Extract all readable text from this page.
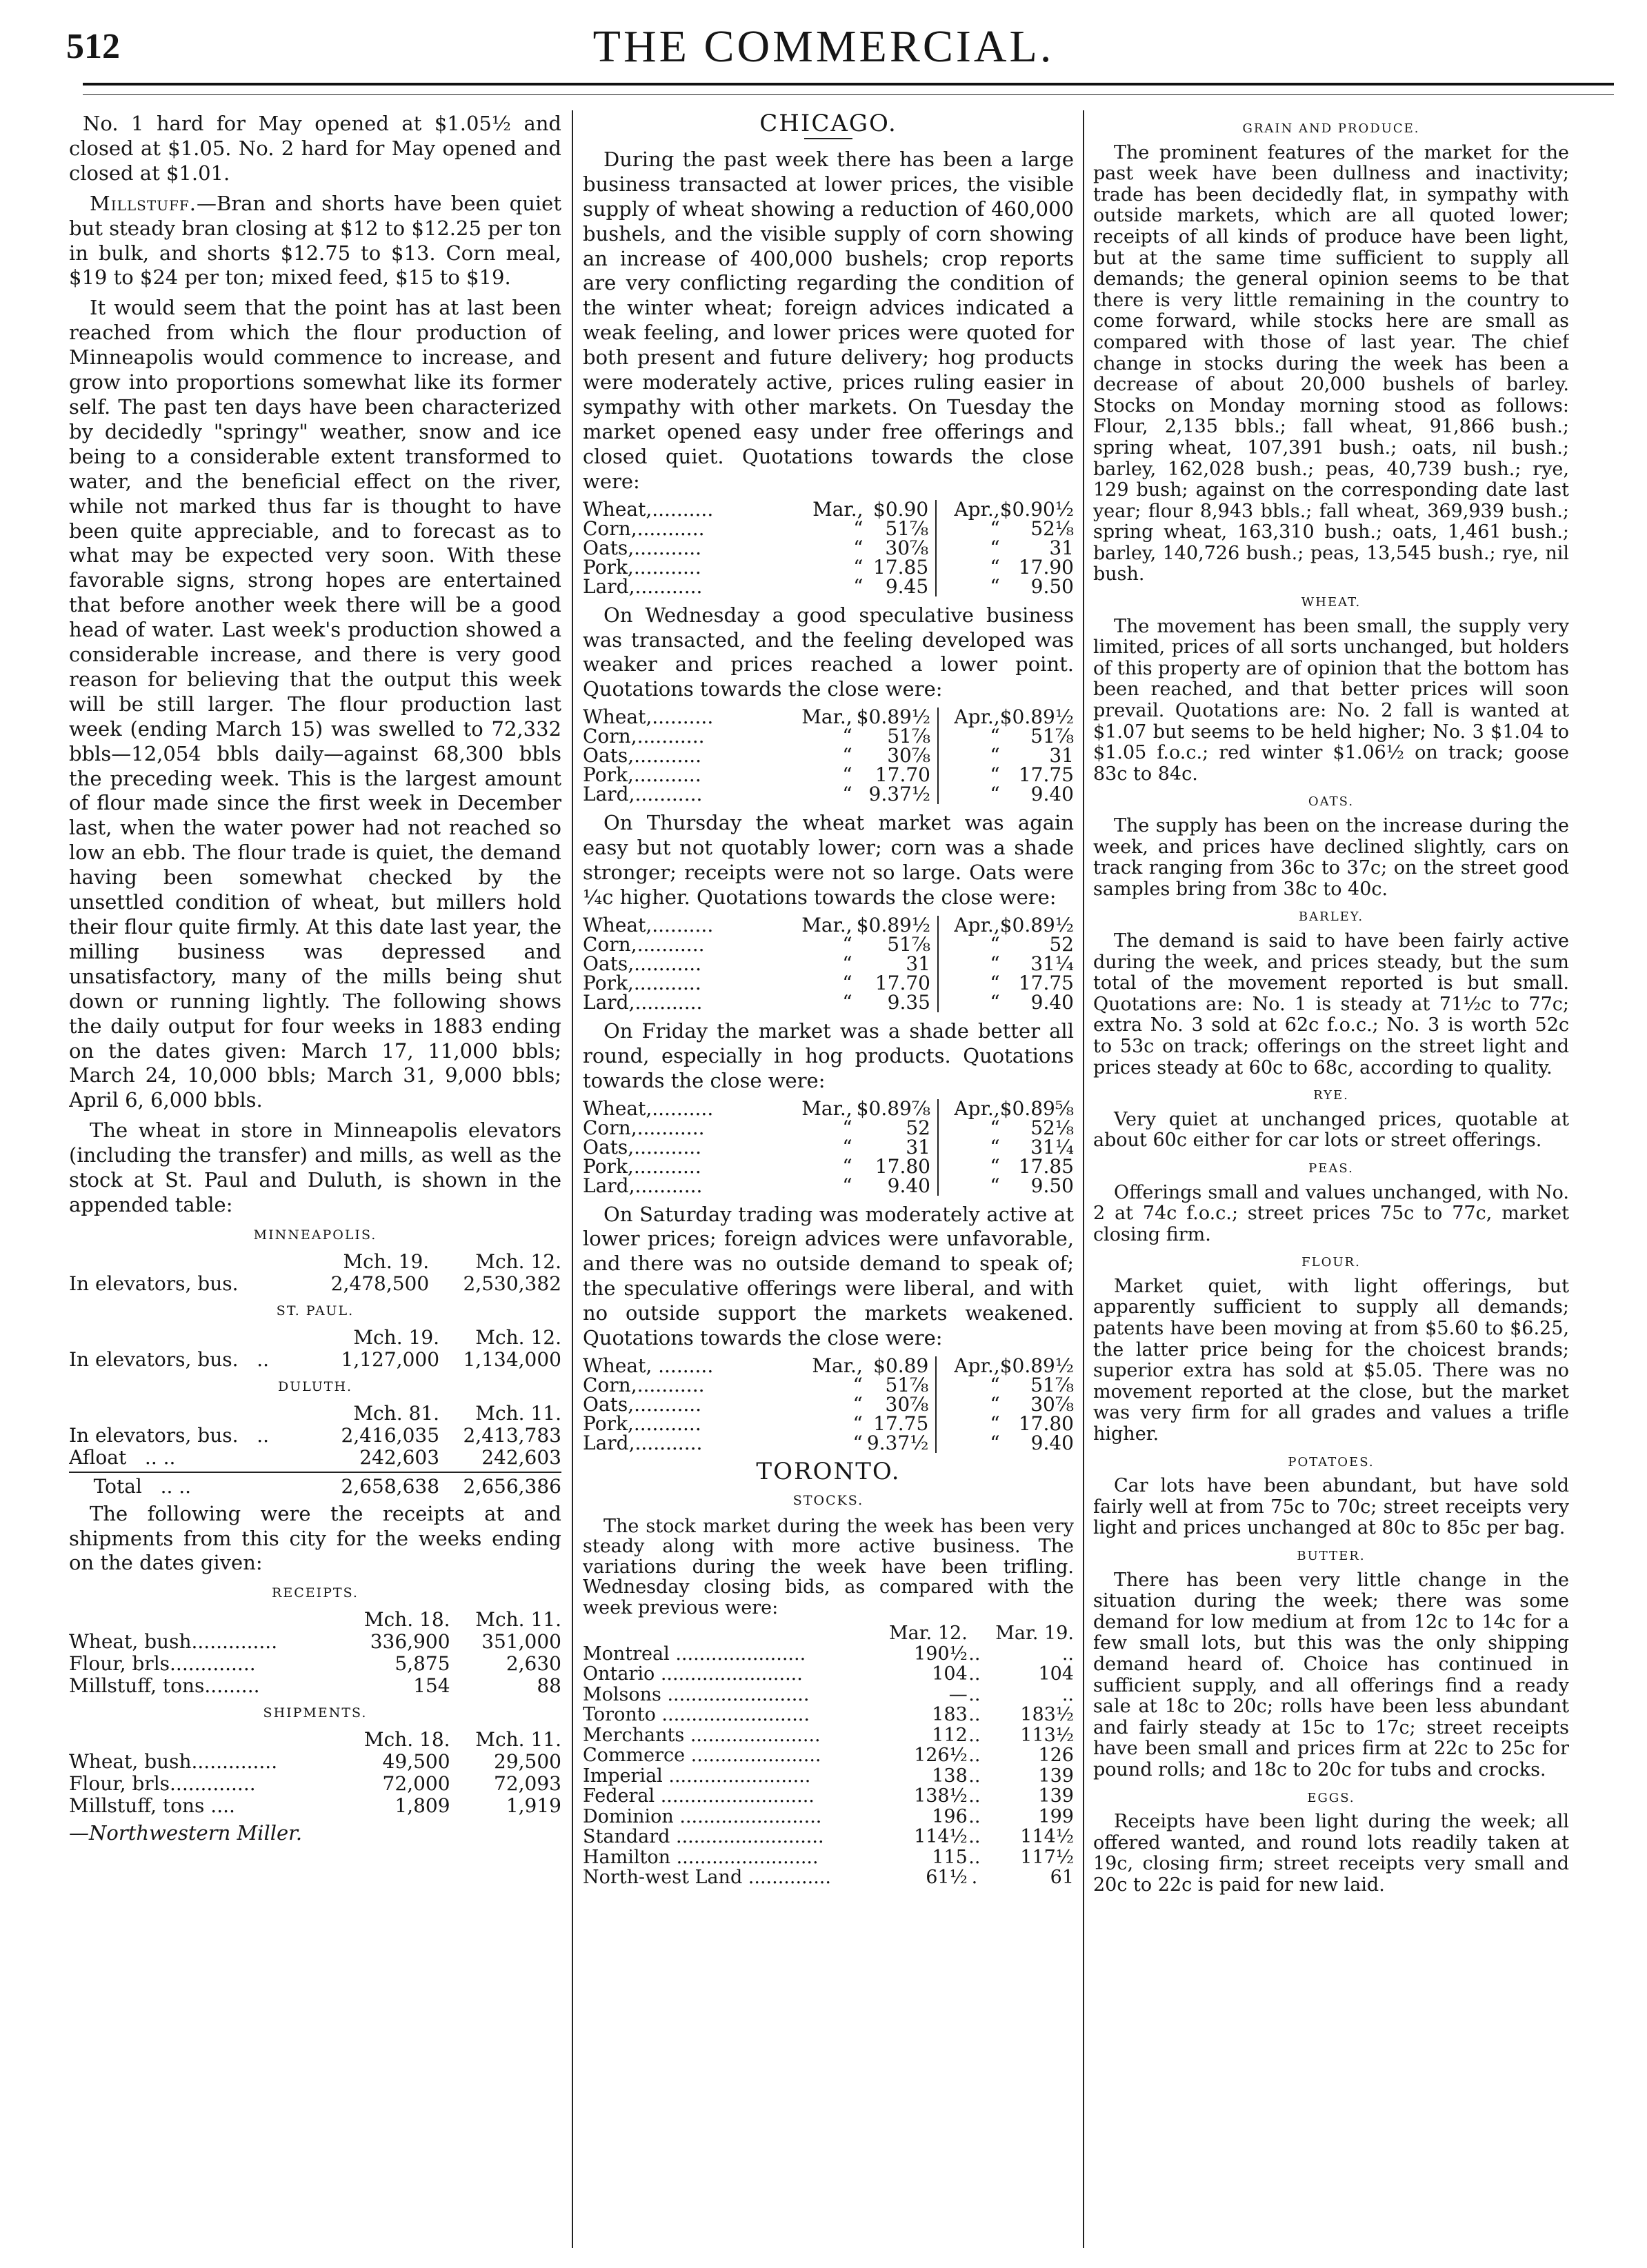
512	THE COMMERCIAL.

No. 1 hard for May opened at $1.05½ and closed at $1.05. No. 2 hard for May opened and closed at $1.01.

Millstuff.—Bran and shorts have been quiet but steady bran closing at $12 to $12.25 per ton in bulk, and shorts $12.75 to $13. Corn meal, $19 to $24 per ton; mixed feed, $15 to $19.

It would seem that the point has at last been reached from which the flour production of Minneapolis would commence to increase, and grow into proportions somewhat like its former self. The past ten days have been characterized by decidedly "springy" weather, snow and ice being to a considerable extent transformed to water, and the beneficial effect on the river, while not marked thus far is thought to have been quite appreciable, and to forecast as to what may be expected very soon. With these favorable signs, strong hopes are entertained that before another week there will be a good head of water. Last week's production showed a considerable increase, and there is very good reason for believing that the output this week will be still larger. The flour production last week (ending March 15) was swelled to 72,332 bbls—12,054 bbls daily—against 68,300 bbls the preceding week. This is the largest amount of flour made since the first week in December last, when the water power had not reached so low an ebb. The flour trade is quiet, the demand having been somewhat checked by the unsettled condition of wheat, but millers hold their flour quite firmly. At this date last year, the milling business was depressed and unsatisfactory, many of the mills being shut down or running lightly. The following shows the daily output for four weeks in 1883 ending on the dates given: March 17, 11,000 bbls; March 24, 10,000 bbls; March 31, 9,000 bbls; April 6, 6,000 bbls.

The wheat in store in Minneapolis elevators (including the transfer) and mills, as well as the stock at St. Paul and Duluth, is shown in the appended table:

MINNEAPOLIS.
	Mch. 19.	Mch. 12.
In elevators, bus.	2,478,500	2,530,382
ST. PAUL.
	Mch. 19.	Mch. 12.
In elevators, bus. ..	1,127,000	1,134,000
DULUTH.
	Mch. 81.	Mch. 11.
In elevators, bus. ..	2,416,035	2,413,783
Afloat .. ..	242,603	242,603

Total .. ..	2,658,638	2,656,386

The following were the receipts at and shipments from this city for the weeks ending on the dates given:

RECEIPTS.
	Mch. 18.	Mch. 11.
Wheat, bush..............	336,900	351,000
Flour, brls..............	5,875	2,630
Millstuff, tons.........	154	88
SHIPMENTS.
	Mch. 18.	Mch. 11.
Wheat, bush..............	49,500	29,500
Flour, brls..............	72,000	72,093
Millstuff, tons ....	1,809	1,919
—Northwestern Miller.
CHICAGO.

During the past week there has been a large business transacted at lower prices, the visible supply of wheat showing a reduction of 460,000 bushels, and the visible supply of corn showing an increase of 400,000 bushels; crop reports are very conflicting regarding the condition of the winter wheat; foreign advices indicated a weak feeling, and lower prices were quoted for both present and future delivery; hog products were moderately active, prices ruling easier in sympathy with other markets. On Tuesday the market opened easy under free offerings and closed quiet. Quotations towards the close were:

Wheat,..........	Mar.,	$0.90	Apr.,	$0.90½
Corn,...........	“	51⅞	“	52⅛
Oats,...........	“	30⅞	“	31
Pork,...........	“	17.85	“	17.90
Lard,...........	“	9.45	“	9.50

On Wednesday a good speculative business was transacted, and the feeling developed was weaker and prices reached a lower point. Quotations towards the close were:

Wheat,..........	Mar.,	$0.89½	Apr.,	$0.89½
Corn,...........	“	51⅞	“	51⅞
Oats,...........	“	30⅞	“	31
Pork,...........	“	17.70	“	17.75
Lard,...........	“	9.37½	“	9.40

On Thursday the wheat market was again easy but not quotably lower; corn was a shade stronger; receipts were not so large. Oats were ¼c higher. Quotations towards the close were:

Wheat,..........	Mar.,	$0.89½	Apr.,	$0.89½
Corn,...........	“	51⅞	“	52
Oats,...........	“	31	“	31¼
Pork,...........	“	17.70	“	17.75
Lard,...........	“	9.35	“	9.40

On Friday the market was a shade better all round, especially in hog products. Quotations towards the close were:

Wheat,..........	Mar.,	$0.89⅞	Apr.,	$0.89⅝
Corn,...........	“	52	“	52⅛
Oats,...........	“	31	“	31¼
Pork,...........	“	17.80	“	17.85
Lard,...........	“	9.40	“	9.50

On Saturday trading was moderately active at lower prices; foreign advices were unfavorable, and there was no outside demand to speak of; the speculative offerings were liberal, and with no outside support the markets weakened. Quotations towards the close were:

Wheat, .........	Mar.,	$0.89	Apr.,	$0.89½
Corn,...........	“	51⅞	“	51⅞
Oats,...........	“	30⅞	“	30⅞
Pork,...........	“	17.75	“	17.80
Lard,...........	“	9.37½	“	9.40
TORONTO.
STOCKS.

The stock market during the week has been very steady along with more active business. The variations during the week have been trifling. Wednesday closing bids, as compared with the week previous were:

	Mar. 12.		Mar. 19.
Montreal ......................	190½	..	..
Ontario ........................	104	..	104
Molsons ........................	—	..	..
Toronto .........................	183	..	183½
Merchants ......................	112	..	113½
Commerce ......................	126½	..	126
Imperial ........................	138	..	139
Federal ..........................	138½	..	139
Dominion ........................	196	..	199
Standard .........................	114½	..	114½
Hamilton ........................	115	..	117½
North-west Land ..............	61½	.	61
GRAIN AND PRODUCE.

The prominent features of the market for the past week have been dullness and inactivity; trade has been decidedly flat, in sympathy with outside markets, which are all quoted lower; receipts of all kinds of produce have been light, but at the same time sufficient to supply all demands; the general opinion seems to be that there is very little remaining in the country to come forward, while stocks here are small as compared with those of last year. The chief change in stocks during the week has been a decrease of about 20,000 bushels of barley. Stocks on Monday morning stood as follows: Flour, 2,135 bbls.; fall wheat, 91,866 bush.; spring wheat, 107,391 bush.; oats, nil bush.; barley, 162,028 bush.; peas, 40,739 bush.; rye, 129 bush; against on the corresponding date last year; flour 8,943 bbls.; fall wheat, 369,939 bush.; spring wheat, 163,310 bush.; oats, 1,461 bush.; barley, 140,726 bush.; peas, 13,545 bush.; rye, nil bush.

WHEAT.

The movement has been small, the supply very limited, prices of all sorts unchanged, but holders of this property are of opinion that the bottom has been reached, and that better prices will soon prevail. Quotations are: No. 2 fall is wanted at $1.07 but seems to be held higher; No. 3 $1.04 to $1.05 f.o.c.; red winter $1.06½ on track; goose 83c to 84c.

OATS.

The supply has been on the increase during the week, and prices have declined slightly, cars on track ranging from 36c to 37c; on the street good samples bring from 38c to 40c.

BARLEY.

The demand is said to have been fairly active during the week, and prices steady, but the sum total of the movement reported is but small. Quotations are: No. 1 is steady at 71½c to 77c; extra No. 3 sold at 62c f.o.c.; No. 3 is worth 52c to 53c on track; offerings on the street light and prices steady at 60c to 68c, according to quality.

RYE.

Very quiet at unchanged prices, quotable at about 60c either for car lots or street offerings.

PEAS.

Offerings small and values unchanged, with No. 2 at 74c f.o.c.; street prices 75c to 77c, market closing firm.

FLOUR.

Market quiet, with light offerings, but apparently sufficient to supply all demands; patents have been moving at from $5.60 to $6.25, the latter price being for the choicest brands; superior extra has sold at $5.05. There was no movement reported at the close, but the market was very firm for all grades and values a trifle higher.

POTATOES.

Car lots have been abundant, but have sold fairly well at from 75c to 70c; street receipts very light and prices unchanged at 80c to 85c per bag.

BUTTER.

There has been very little change in the situation during the week; there was some demand for low medium at from 12c to 14c for a few small lots, but this was the only shipping demand heard of. Choice has continued in sufficient supply, and all offerings find a ready sale at 18c to 20c; rolls have been less abundant and fairly steady at 15c to 17c; street receipts have been small and prices firm at 22c to 25c for pound rolls; and 18c to 20c for tubs and crocks.

EGGS.

Receipts have been light during the week; all offered wanted, and round lots readily taken at 19c, closing firm; street receipts very small and 20c to 22c is paid for new laid.
